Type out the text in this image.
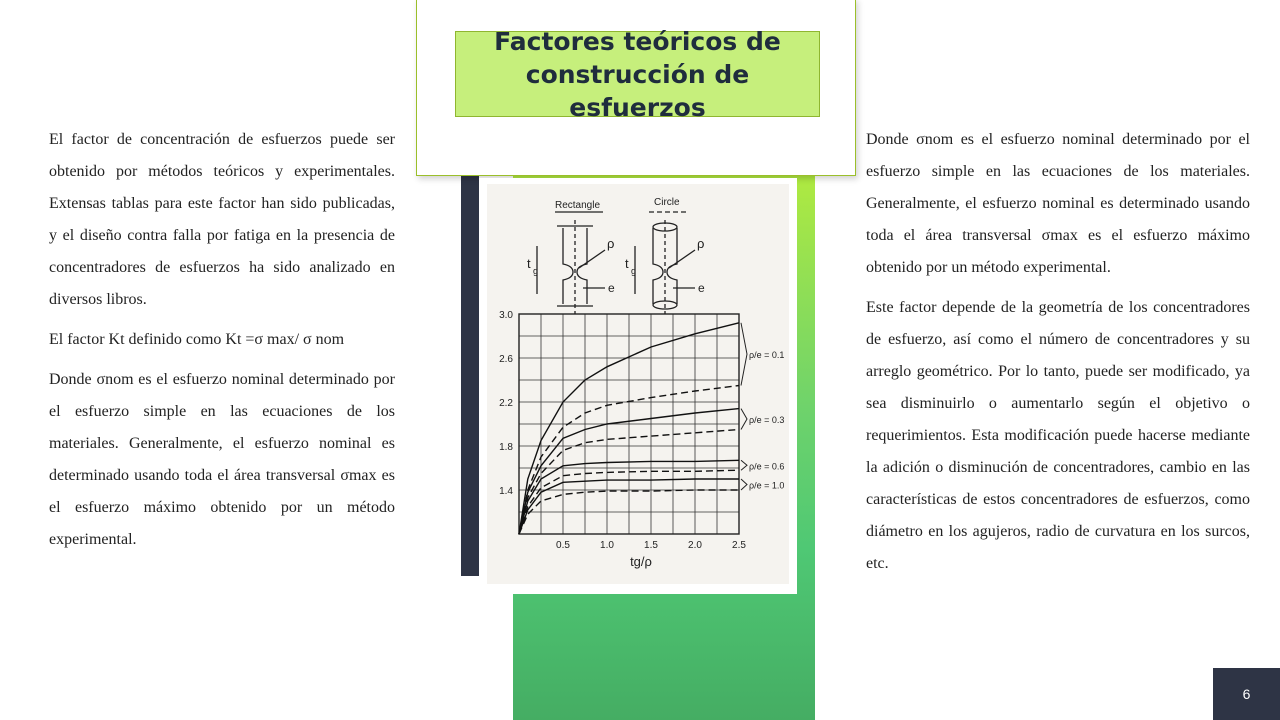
Factores teóricos de construcción de esfuerzos

El factor de concentración de esfuerzos puede ser obtenido por métodos teóricos y experimentales. Extensas tablas para este factor han sido publicadas, y el diseño contra falla por fatiga en la presencia de concentradores de esfuerzos ha sido analizado en diversos libros.

El factor Kt definido como Kt =σ max/ σ nom

Donde σnom es el esfuerzo nominal determinado por el esfuerzo simple en las ecuaciones de los materiales. Generalmente, el esfuerzo nominal es determinado usando toda el área transversal σmax es el esfuerzo máximo obtenido por un método experimental.

Donde σnom es el esfuerzo nominal determinado por el esfuerzo simple en las ecuaciones de los materiales. Generalmente, el esfuerzo nominal es determinado usando toda el área transversal σmax es el esfuerzo máximo obtenido por un método experimental.

Este factor depende de la geometría de los concentradores de esfuerzo, así como el número de concentradores y su arreglo geométrico. Por lo tanto, puede ser modificado, ya sea disminuirlo o aumentarlo según el objetivo o requerimientos. Esta modificación puede hacerse mediante la adición o disminución de concentradores, cambio en las características de estos concentradores de esfuerzos, como diámetro en los agujeros, radio de curvatura en los surcos, etc.

Rectangle	Circle
t g	t g
ρ	ρ
e	e
3.0
2.6
2.2
1.8
1.4
0.5	1.0	1.5	2.0	2.5
tg/ρ
ρ/e = 0.1
ρ/e = 0.3
ρ/e = 0.6
ρ/e = 1.0
6
